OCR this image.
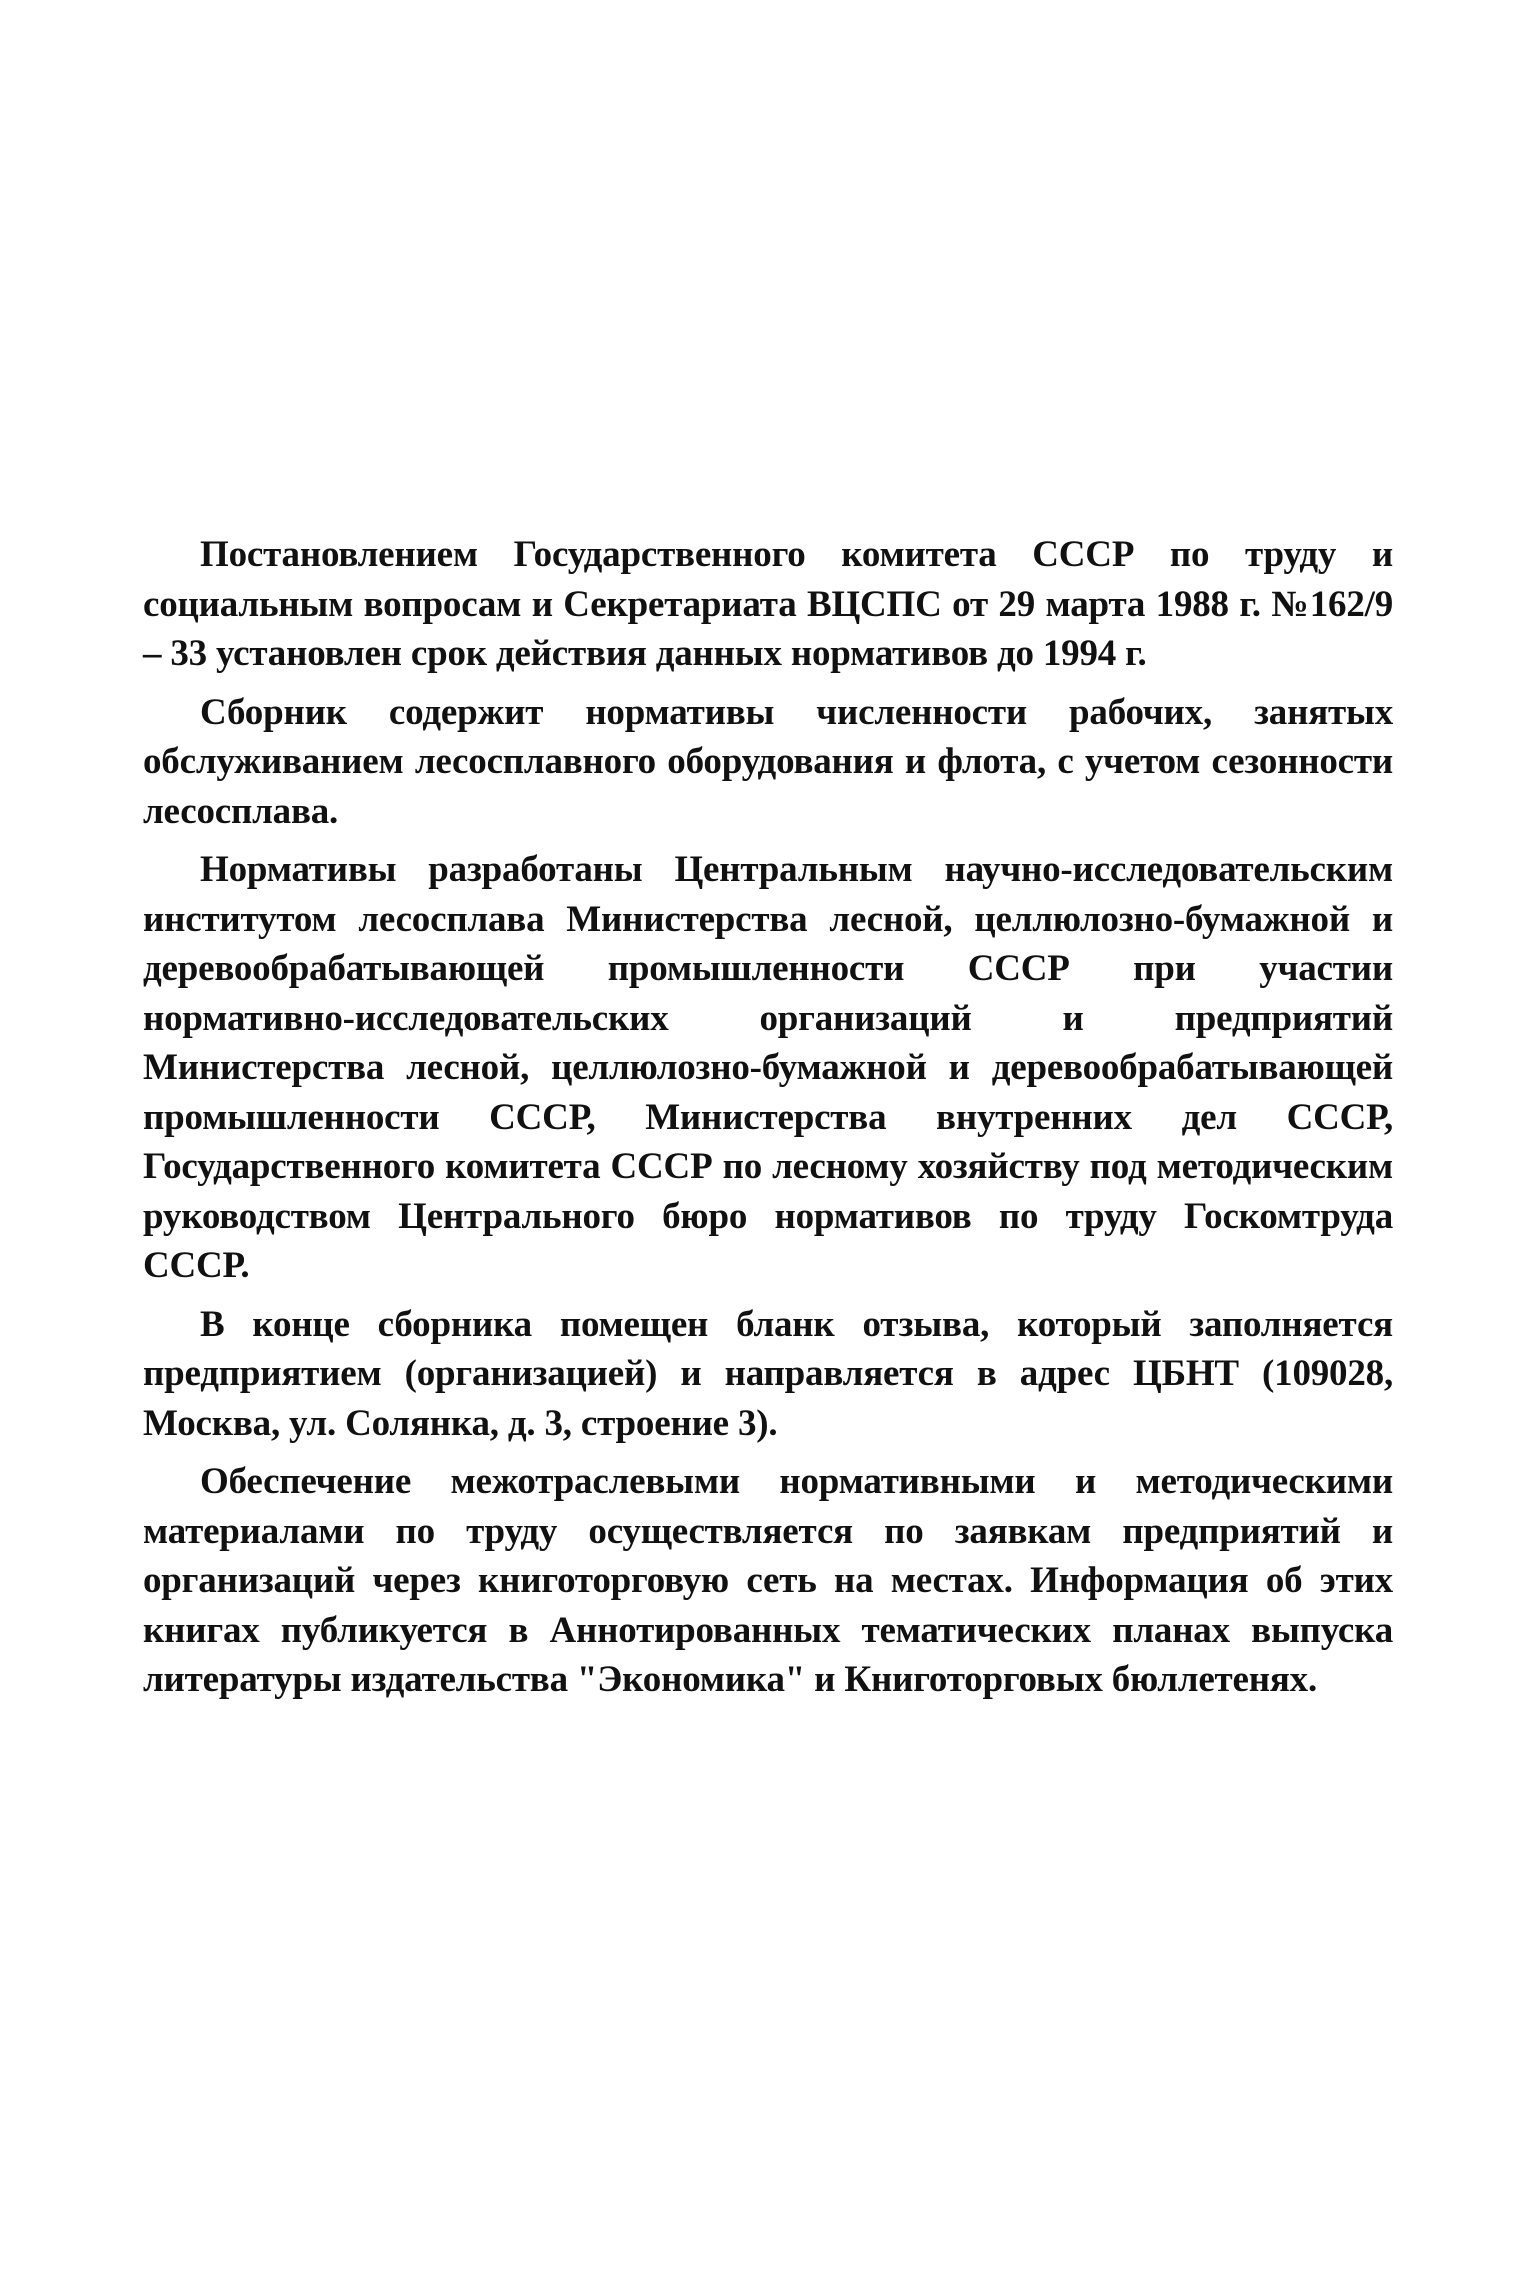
Постановлением Государственного комитета СССР по труду и социальным вопросам и Секретариата ВЦСПС от 29 марта 1988 г. №162/9 – 33 установлен срок действия данных нормативов до 1994 г.

Сборник содержит нормативы численности рабочих, занятых обслуживанием лесосплавного оборудования и флота, с учетом сезонности лесосплава.

Нормативы разработаны Центральным научно-исследовательским институтом лесосплава Министерства лесной, целлюлозно-бумажной и деревообрабатывающей промышленности СССР при участии нормативно-исследовательских организаций и предприятий Министерства лесной, целлюлозно-бумажной и деревообрабатывающей промышленности СССР, Министерства внутренних дел СССР, Государственного комитета СССР по лесному хозяйству под методическим руководством Центрального бюро нормативов по труду Госкомтруда СССР.

В конце сборника помещен бланк отзыва, который заполняется предприятием (организацией) и направляется в адрес ЦБНТ (109028, Москва, ул. Солянка, д. 3, строение 3).

Обеспечение межотраслевыми нормативными и методическими материалами по труду осуществляется по заявкам предприятий и организаций через книготорговую сеть на местах. Информация об этих книгах публикуется в Аннотированных тематических планах выпуска литературы издательства "Экономика" и Книготорговых бюллетенях.
